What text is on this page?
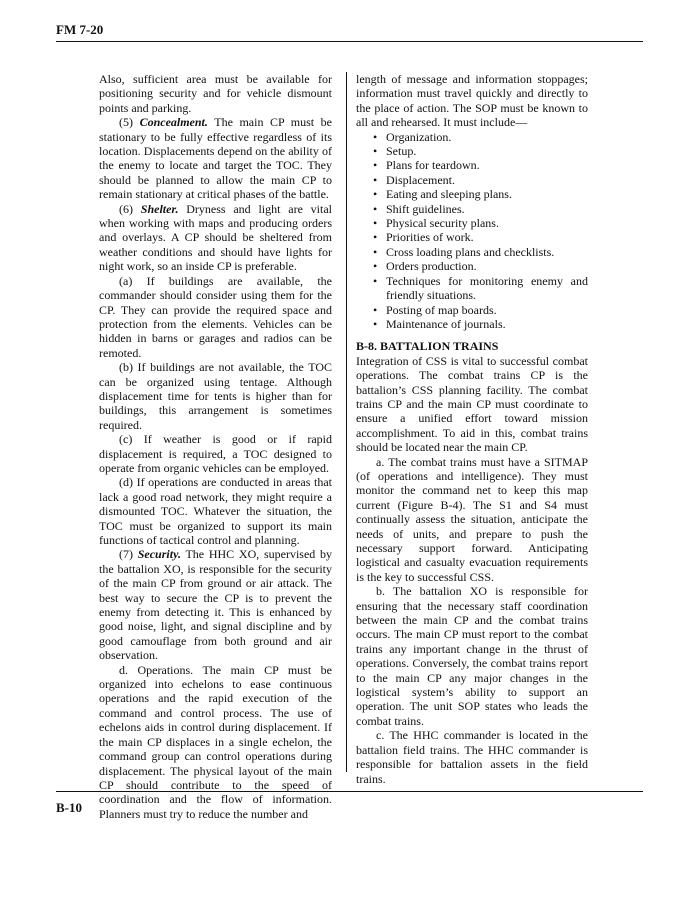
FM 7-20

Also, sufficient area must be available for positioning security and for vehicle dismount points and parking.

(5) Concealment. The main CP must be stationary to be fully effective regardless of its location. Displacements depend on the ability of the enemy to locate and target the TOC. They should be planned to allow the main CP to remain stationary at critical phases of the battle.

(6) Shelter. Dryness and light are vital when working with maps and producing orders and overlays. A CP should be sheltered from weather conditions and should have lights for night work, so an inside CP is preferable.

(a) If buildings are available, the commander should consider using them for the CP. They can provide the required space and protection from the elements. Vehicles can be hidden in barns or garages and radios can be remoted.

(b) If buildings are not available, the TOC can be organized using tentage. Although displacement time for tents is higher than for buildings, this arrangement is sometimes required.

(c) If weather is good or if rapid displacement is required, a TOC designed to operate from organic vehicles can be employed.

(d) If operations are conducted in areas that lack a good road network, they might require a dismounted TOC. Whatever the situation, the TOC must be organized to support its main functions of tactical control and planning.

(7) Security. The HHC XO, supervised by the battalion XO, is responsible for the security of the main CP from ground or air attack. The best way to secure the CP is to prevent the enemy from detecting it. This is enhanced by good noise, light, and signal discipline and by good camouflage from both ground and air observation.

d. Operations. The main CP must be organized into echelons to ease continuous operations and the rapid execution of the command and control process. The use of echelons aids in control during displacement. If the main CP displaces in a single echelon, the command group can control operations during displacement. The physical layout of the main CP should contribute to the speed of coordination and the flow of information. Planners must try to reduce the number and

length of message and information stoppages; information must travel quickly and directly to the place of action. The SOP must be known to all and rehearsed. It must include—

• Organization.
• Setup.
• Plans for teardown.
• Displacement.
• Eating and sleeping plans.
• Shift guidelines.
• Physical security plans.
• Priorities of work.
• Cross loading plans and checklists.
• Orders production.
• Techniques for monitoring enemy and friendly situations.
• Posting of map boards.
• Maintenance of journals.

B-8. BATTALION TRAINS

Integration of CSS is vital to successful combat operations. The combat trains CP is the battalion’s CSS planning facility. The combat trains CP and the main CP must coordinate to ensure a unified effort toward mission accomplishment. To aid in this, combat trains should be located near the main CP.

a. The combat trains must have a SITMAP (of operations and intelligence). They must monitor the command net to keep this map current (Figure B-4). The S1 and S4 must continually assess the situation, anticipate the needs of units, and prepare to push the necessary support forward. Anticipating logistical and casualty evacuation requirements is the key to successful CSS.

b. The battalion XO is responsible for ensuring that the necessary staff coordination between the main CP and the combat trains occurs. The main CP must report to the combat trains any important change in the thrust of operations. Conversely, the combat trains report to the main CP any major changes in the logistical system’s ability to support an operation. The unit SOP states who leads the combat trains.

c. The HHC commander is located in the battalion field trains. The HHC commander is responsible for battalion assets in the field trains.

B-10
